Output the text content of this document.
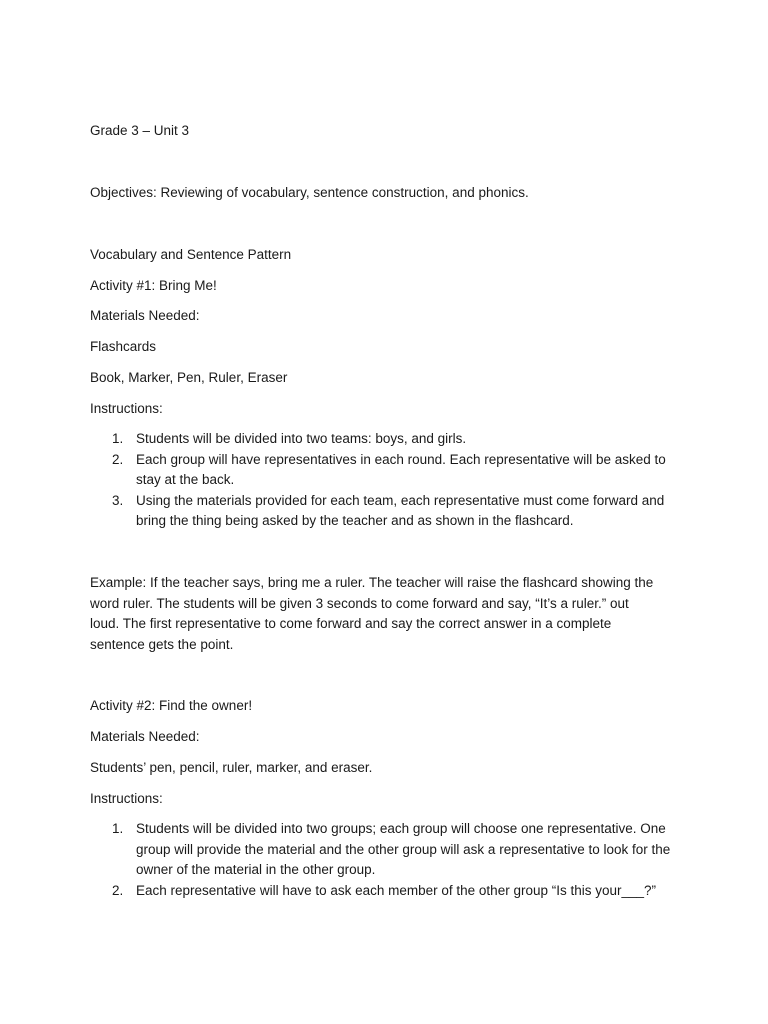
Grade 3 – Unit 3

Objectives: Reviewing of vocabulary, sentence construction, and phonics.

Vocabulary and Sentence Pattern

Activity #1: Bring Me!

Materials Needed:

Flashcards

Book, Marker, Pen, Ruler, Eraser

Instructions:

1. Students will be divided into two teams: boys, and girls.
2. Each group will have representatives in each round. Each representative will be asked to stay at the back.
3. Using the materials provided for each team, each representative must come forward and bring the thing being asked by the teacher and as shown in the flashcard.

Example: If the teacher says, bring me a ruler. The teacher will raise the flashcard showing the

word ruler. The students will be given 3 seconds to come forward and say, “It’s a ruler.” out

loud. The first representative to come forward and say the correct answer in a complete

sentence gets the point.

Activity #2: Find the owner!

Materials Needed:

Students’ pen, pencil, ruler, marker, and eraser.

Instructions:

1. Students will be divided into two groups; each group will choose one representative. One group will provide the material and the other group will ask a representative to look for the owner of the material in the other group.
2. Each representative will have to ask each member of the other group “Is this your___?”
